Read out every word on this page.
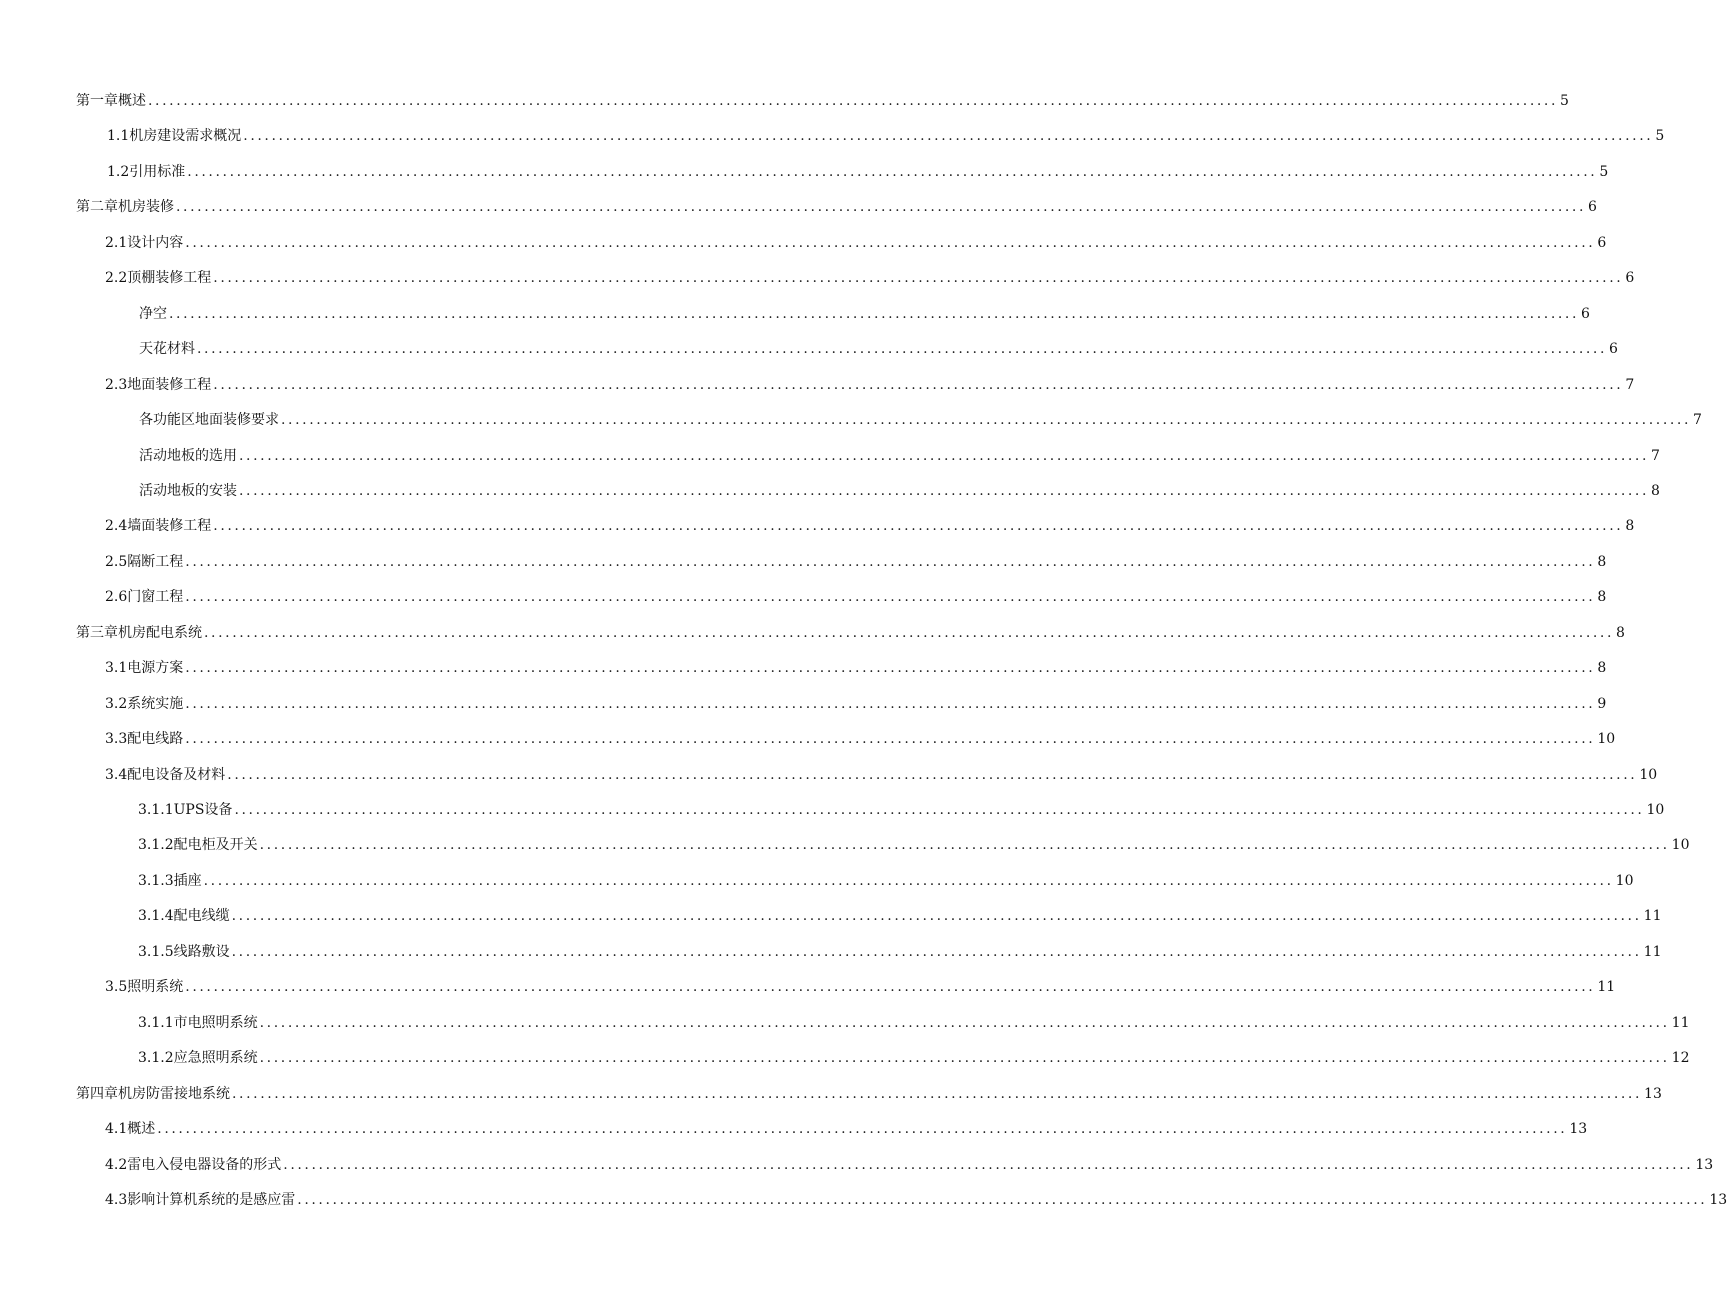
第一章概述 ........................................................................................................................................................................................................ 5
1.1 机房建设需求概况 ........................................................................................................................................................................................................ 5
1.2 引用标准 ........................................................................................................................................................................................................ 5
第二章机房装修 ........................................................................................................................................................................................................ 6
2.1 设计内容 ........................................................................................................................................................................................................ 6
2. 2顶棚装修工程 ........................................................................................................................................................................................................ 6
净空 ........................................................................................................................................................................................................ 6
天花材料 ........................................................................................................................................................................................................ 6
2. 3地面装修工程 ........................................................................................................................................................................................................ 7
各功能区地面装修要求 ........................................................................................................................................................................................................ 7
活动地板的选用 ........................................................................................................................................................................................................ 7
活动地板的安装 ........................................................................................................................................................................................................ 8
2.4 墙面装修工程 ........................................................................................................................................................................................................ 8
2. 5隔断工程 ........................................................................................................................................................................................................ 8
2. 6门窗工程 ........................................................................................................................................................................................................ 8
第三章机房配电系统 ........................................................................................................................................................................................................ 8
3. 1电源方案 ........................................................................................................................................................................................................ 8
3. 2系统实施 ........................................................................................................................................................................................................ 9
3. 3配电线路 ........................................................................................................................................................................................................ 10
3. 4配电设备及材料 ........................................................................................................................................................................................................ 10
3.1.1 UPS设备 ........................................................................................................................................................................................................ 10
3.1.2 配电柜及开关 ........................................................................................................................................................................................................ 10
3.1.3 插座 ........................................................................................................................................................................................................ 10
3.1.4 配电线缆 ........................................................................................................................................................................................................ 11
3.1.5 线路敷设 ........................................................................................................................................................................................................ 11
3. 5照明系统 ........................................................................................................................................................................................................ 11
3.1.1 市电照明系统 ........................................................................................................................................................................................................ 11
3.1.2 应急照明系统 ........................................................................................................................................................................................................ 12
第四章机房防雷接地系统 ........................................................................................................................................................................................................ 13
4. 1概述 ........................................................................................................................................................................................................ 13
4. 2雷电入侵电器设备的形式 ........................................................................................................................................................................................................ 13
4. 3影响计算机系统的是感应雷 ........................................................................................................................................................................................................ 13
